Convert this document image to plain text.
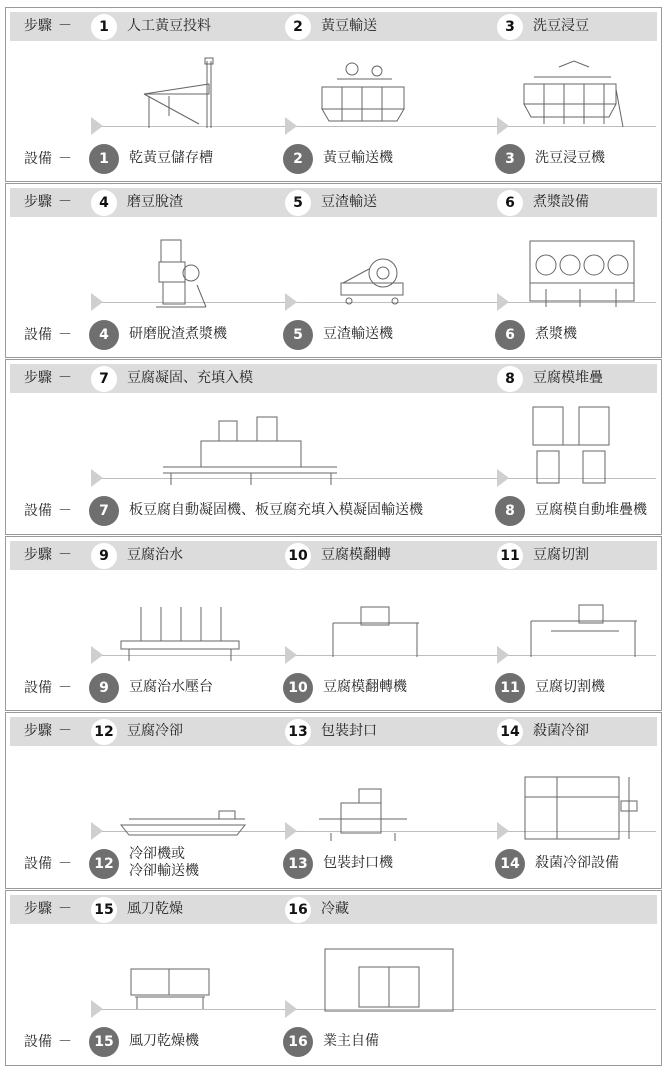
步驟 －
設備 －
1	人工黃豆投料	2	黃豆輸送	3	洗豆浸豆
1	乾黃豆儲存槽	2	黃豆輸送機	3	洗豆浸豆機
步驟 －
設備 －
4	磨豆脫渣	5	豆渣輸送	6	煮漿設備
4	研磨脫渣煮漿機	5	豆渣輸送機	6	煮漿機
步驟 －
設備 －
7	豆腐凝固、充填入模	8	豆腐模堆疊
7	板豆腐自動凝固機、板豆腐充填入模凝固輸送機	8	豆腐模自動堆疊機
步驟 －
設備 －
9	豆腐治水	10 豆腐模翻轉	11 豆腐切割
9	豆腐治水壓台	10	豆腐模翻轉機	11	豆腐切割機
步驟 －
設備 －
12 豆腐冷卻	13 包裝封口	14 殺菌冷卻
12
冷卻機或
冷卻輸送機	13	包裝封口機	14	殺菌冷卻設備
步驟 －
設備 －
15 風刀乾燥	16 冷藏
15	風刀乾燥機	16	業主自備
